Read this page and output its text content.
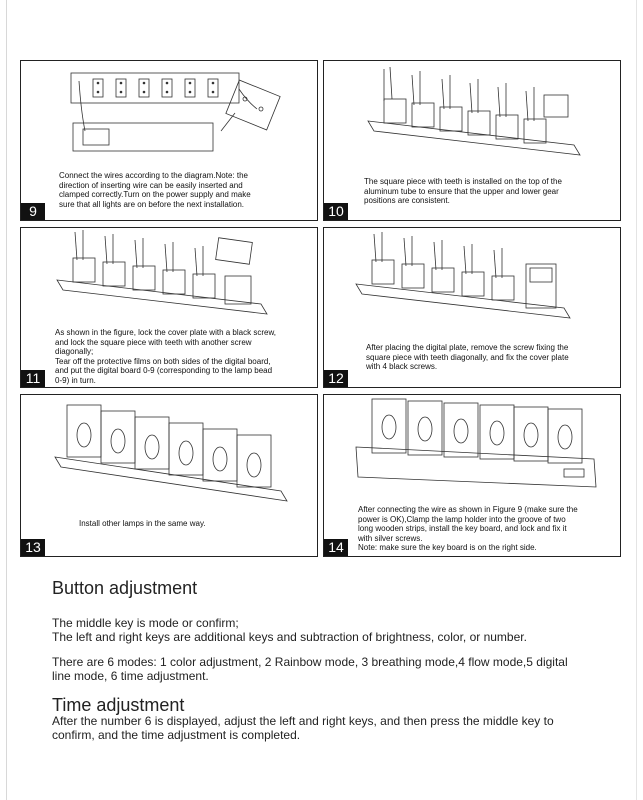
Connect the wires according to the diagram.Note: the
direction of inserting wire can be easily inserted and
clamped correctly.Turn on the power supply and make
sure that all lights are on before the next installation.

9

The square piece with teeth is installed on the top of the
aluminum tube to ensure that the upper and lower gear
positions are consistent.

10

As shown in the figure, lock the cover plate with a black screw,
and lock the square piece with teeth with another screw
diagonally;
Tear off the protective films on both sides of the digital board,
and put the digital board 0-9 (corresponding to the lamp bead
0-9) in turn.

11

After placing the digital plate, remove the screw fixing the
square piece with teeth diagonally, and fix the cover plate
with 4 black screws.

12

Install other lamps in the same way.

13

After connecting the wire as shown in Figure 9 (make sure the
power is OK),Clamp the lamp holder into the groove of two
long wooden strips, install the key board, and lock and fix it
with silver screws.
Note: make sure the key board is on the right side.

14
Button adjustment

The middle key is mode or confirm;
The left and right keys are additional keys and subtraction of brightness, color, or number.

There are 6 modes: 1 color adjustment, 2 Rainbow mode, 3 breathing mode,4 flow mode,5 digital
line mode, 6 time adjustment.

Time adjustment

After the number 6 is displayed, adjust the left and right keys, and then press the middle key to
confirm, and the time adjustment is completed.
